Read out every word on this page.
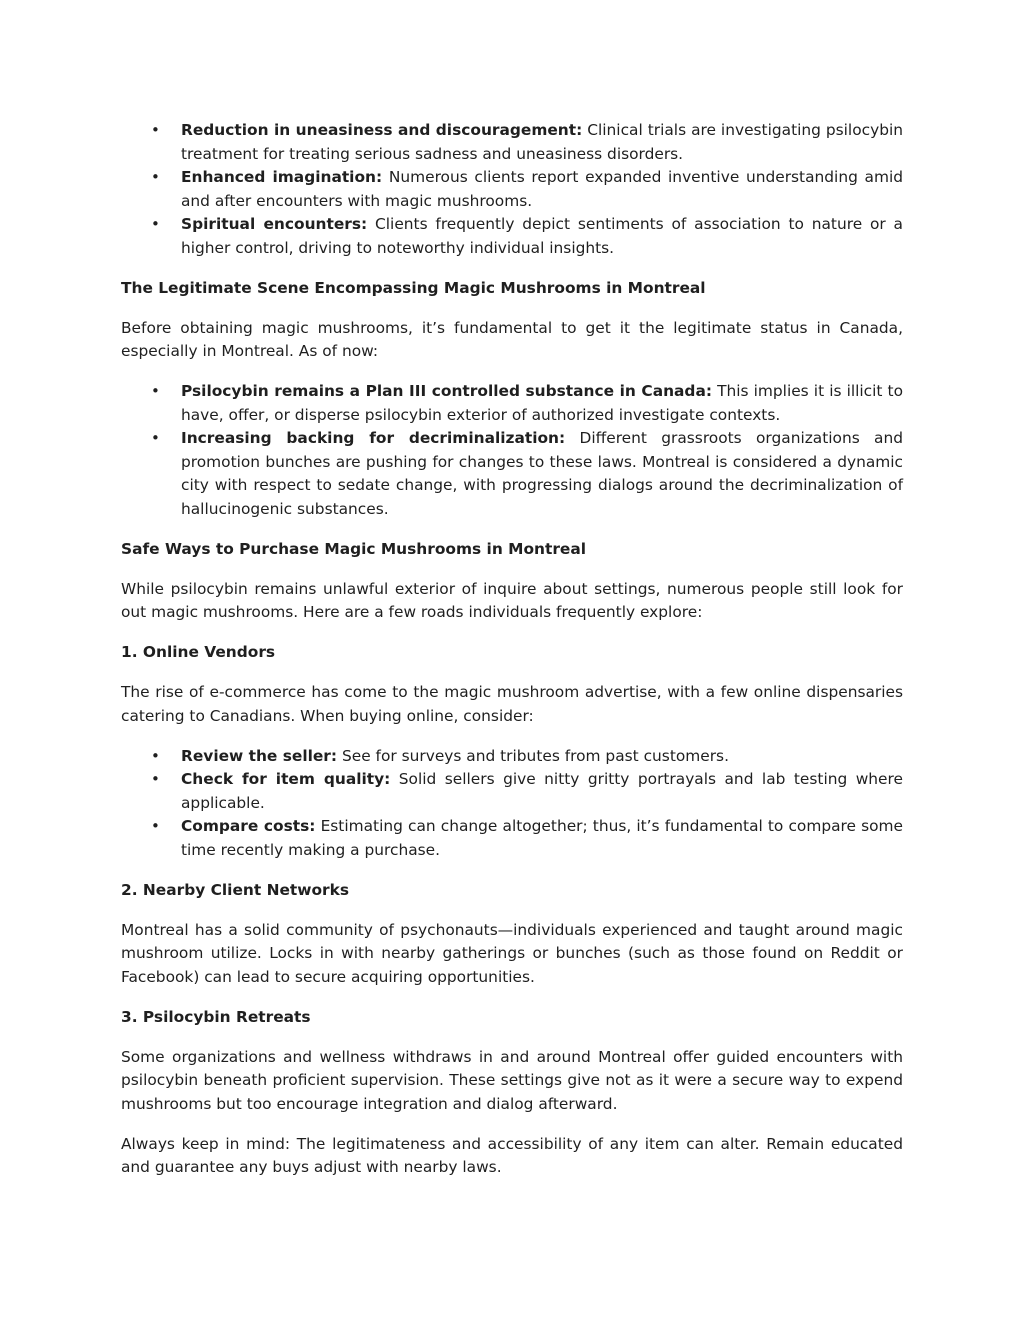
• Reduction in uneasiness and discouragement: Clinical trials are investigating psilocybin treatment for treating serious sadness and uneasiness disorders.
• Enhanced imagination: Numerous clients report expanded inventive understanding amid and after encounters with magic mushrooms.
• Spiritual encounters: Clients frequently depict sentiments of association to nature or a higher control, driving to noteworthy individual insights.

The Legitimate Scene Encompassing Magic Mushrooms in Montreal

Before obtaining magic mushrooms, it’s fundamental to get it the legitimate status in Canada, especially in Montreal. As of now:

• Psilocybin remains a Plan III controlled substance in Canada: This implies it is illicit to have, offer, or disperse psilocybin exterior of authorized investigate contexts.
• Increasing backing for decriminalization: Different grassroots organizations and promotion bunches are pushing for changes to these laws. Montreal is considered a dynamic city with respect to sedate change, with progressing dialogs around the decriminalization of hallucinogenic substances.

Safe Ways to Purchase Magic Mushrooms in Montreal

While psilocybin remains unlawful exterior of inquire about settings, numerous people still look for out magic mushrooms. Here are a few roads individuals frequently explore:

1. Online Vendors

The rise of e-commerce has come to the magic mushroom advertise, with a few online dispensaries catering to Canadians. When buying online, consider:

• Review the seller: See for surveys and tributes from past customers.
• Check for item quality: Solid sellers give nitty gritty portrayals and lab testing where applicable.
• Compare costs: Estimating can change altogether; thus, it’s fundamental to compare some time recently making a purchase.

2. Nearby Client Networks

Montreal has a solid community of psychonauts—individuals experienced and taught around magic mushroom utilize. Locks in with nearby gatherings or bunches (such as those found on Reddit or Facebook) can lead to secure acquiring opportunities.

3. Psilocybin Retreats

Some organizations and wellness withdraws in and around Montreal offer guided encounters with psilocybin beneath proficient supervision. These settings give not as it were a secure way to expend mushrooms but too encourage integration and dialog afterward.

Always keep in mind: The legitimateness and accessibility of any item can alter. Remain educated and guarantee any buys adjust with nearby laws.
